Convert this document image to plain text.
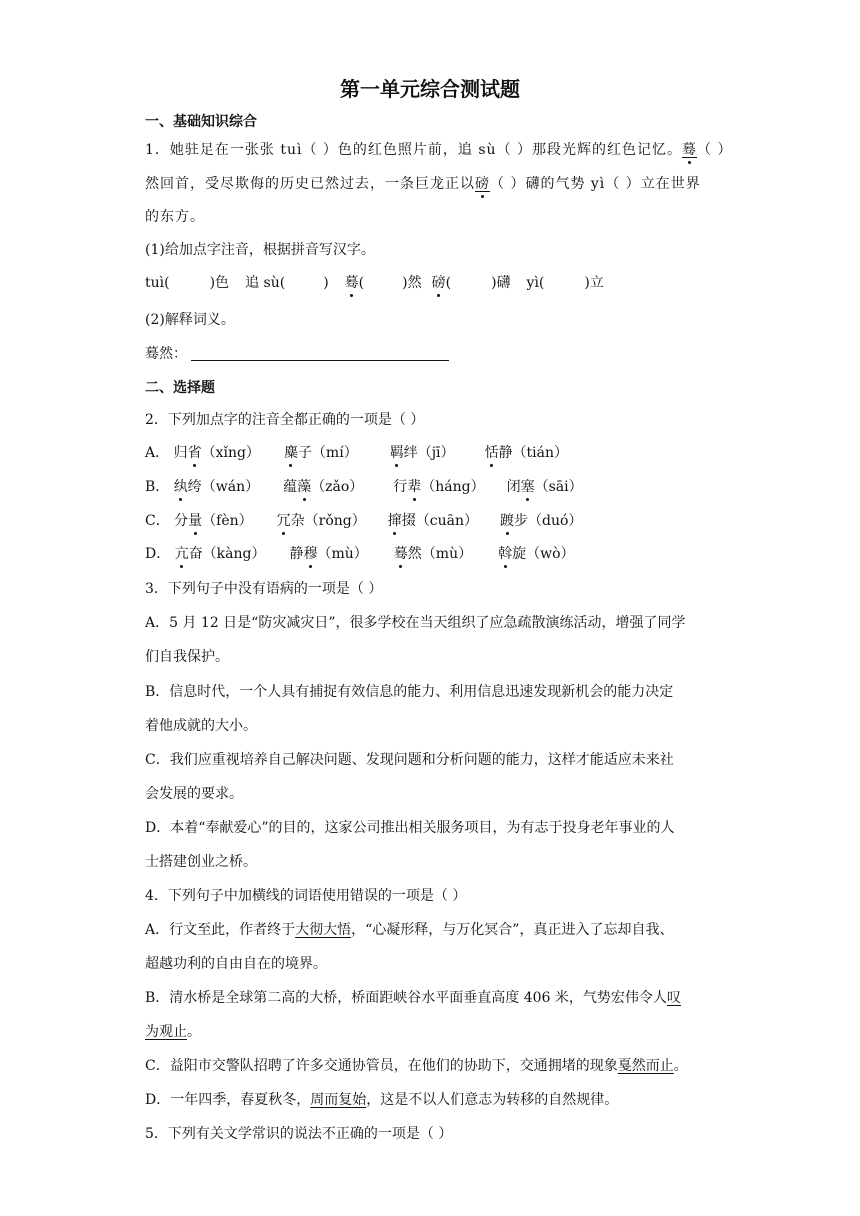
第一单元综合测试题
一、基础知识综合
1．她驻足在一张张 tuì（ ）色的红色照片前，追 sù（ ）那段光辉的红色记忆。蓦（ ）
然回首，受尽欺侮的历史已然过去，一条巨龙正以磅（ ）礴的气势 yì（ ）立在世界
的东方。
(1)给加点字注音，根据拼音写汉字。
tuì(	)色 追 sù(	) 蓦(	)然 磅(	)礴 yì(	)立
(2)解释词义。
蓦然：
二、选择题
2．下列加点字的注音全都正确的一项是（ ）
A． 归省（xǐng） 麋子（mí） 羁绊（jī） 恬静（tián）
B． 纨绔（wán） 蕴藻（zǎo） 行辈（háng） 闭塞（sāi）
C． 分量（fèn） 冗杂（rǒng） 撺掇（cuān） 踱步（duó）
D． 亢奋（kàng） 静穆（mù） 蓦然（mù） 斡旋（wò）
3．下列句子中没有语病的一项是（ ）
A．5 月 12 日是“防灾减灾日”，很多学校在当天组织了应急疏散演练活动，增强了同学
们自我保护。
B．信息时代，一个人具有捕捉有效信息的能力、利用信息迅速发现新机会的能力决定
着他成就的大小。
C．我们应重视培养自己解决问题、发现问题和分析问题的能力，这样才能适应未来社
会发展的要求。
D．本着“奉献爱心”的目的，这家公司推出相关服务项目，为有志于投身老年事业的人
士搭建创业之桥。
4．下列句子中加横线的词语使用错误的一项是（ ）
A．行文至此，作者终于大彻大悟，“心凝形释，与万化冥合”，真正进入了忘却自我、
超越功利的自由自在的境界。
B．清水桥是全球第二高的大桥，桥面距峡谷水平面垂直高度 406 米，气势宏伟令人叹
为观止。
C．益阳市交警队招聘了许多交通协管员，在他们的协助下，交通拥堵的现象戛然而止。
D．一年四季，春夏秋冬，周而复始，这是不以人们意志为转移的自然规律。
5．下列有关文学常识的说法不正确的一项是（ ）
